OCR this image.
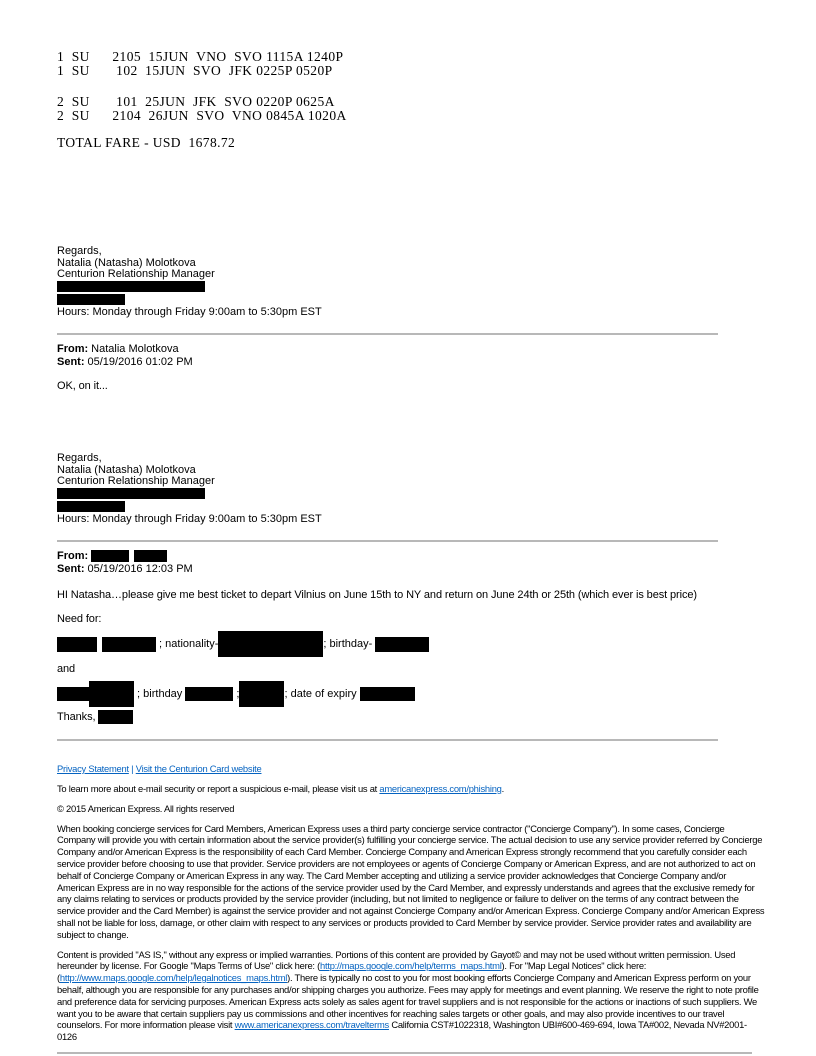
1  SU      2105  15JUN  VNO  SVO 1115A 1240P
1  SU       102  15JUN  SVO  JFK 0225P 0520P
2  SU       101  25JUN  JFK  SVO 0220P 0625A
2  SU      2104  26JUN  SVO  VNO 0845A 1020A
TOTAL FARE - USD  1678.72
Regards,
Natalia (Natasha) Molotkova
Centurion Relationship Manager
Hours: Monday through Friday 9:00am to 5:30pm EST
From: Natalia Molotkova
Sent: 05/19/2016 01:02 PM
OK, on it...
Regards,
Natalia (Natasha) Molotkova
Centurion Relationship Manager
Hours: Monday through Friday 9:00am to 5:30pm EST
From:
Sent: 05/19/2016 12:03 PM
HI Natasha…please give me best ticket to depart Vilnius on June 15th to NY and return on June 24th or 25th (which ever is best price)
Need for:
; nationality-	; birthday-
and
; birthday	;	; date of expiry
Thanks,
Privacy Statement | Visit the Centurion Card website
To learn more about e-mail security or report a suspicious e-mail, please visit us at americanexpress.com/phishing.
© 2015 American Express. All rights reserved
When booking concierge services for Card Members, American Express uses a third party concierge service contractor ("Concierge Company"). In some cases, Concierge Company will provide you with certain information about the service provider(s) fulfilling your concierge service. The actual decision to use any service provider referred by Concierge Company and/or American Express is the responsibility of each Card Member. Concierge Company and American Express strongly recommend that you carefully consider each service provider before choosing to use that provider. Service providers are not employees or agents of Concierge Company or American Express, and are not authorized to act on behalf of Concierge Company or American Express in any way. The Card Member accepting and utilizing a service provider acknowledges that Concierge Company and/or American Express are in no way responsible for the actions of the service provider used by the Card Member, and expressly understands and agrees that the exclusive remedy for any claims relating to services or products provided by the service provider (including, but not limited to negligence or failure to deliver on the terms of any contract between the service provider and the Card Member) is against the service provider and not against Concierge Company and/or American Express. Concierge Company and/or American Express shall not be liable for loss, damage, or other claim with respect to any services or products provided to Card Member by service provider. Service provider rates and availability are subject to change.
Content is provided "AS IS," without any express or implied warranties. Portions of this content are provided by Gayot© and may not be used without written permission. Used hereunder by license. For Google "Maps Terms of Use" click here: (http://maps.google.com/help/terms_maps.html). For "Map Legal Notices" click here: (http://www.maps.google.com/help/legalnotices_maps.html). There is typically no cost to you for most booking efforts Concierge Company and American Express perform on your behalf, although you are responsible for any purchases and/or shipping charges you authorize. Fees may apply for meetings and event planning. We reserve the right to note profile and preference data for servicing purposes. American Express acts solely as sales agent for travel suppliers and is not responsible for the actions or inactions of such suppliers. We want you to be aware that certain suppliers pay us commissions and other incentives for reaching sales targets or other goals, and may also provide incentives to our travel counselors. For more information please visit www.americanexpress.com/travelterms California CST#1022318, Washington UBI#600-469-694, Iowa TA#002, Nevada NV#2001-0126
